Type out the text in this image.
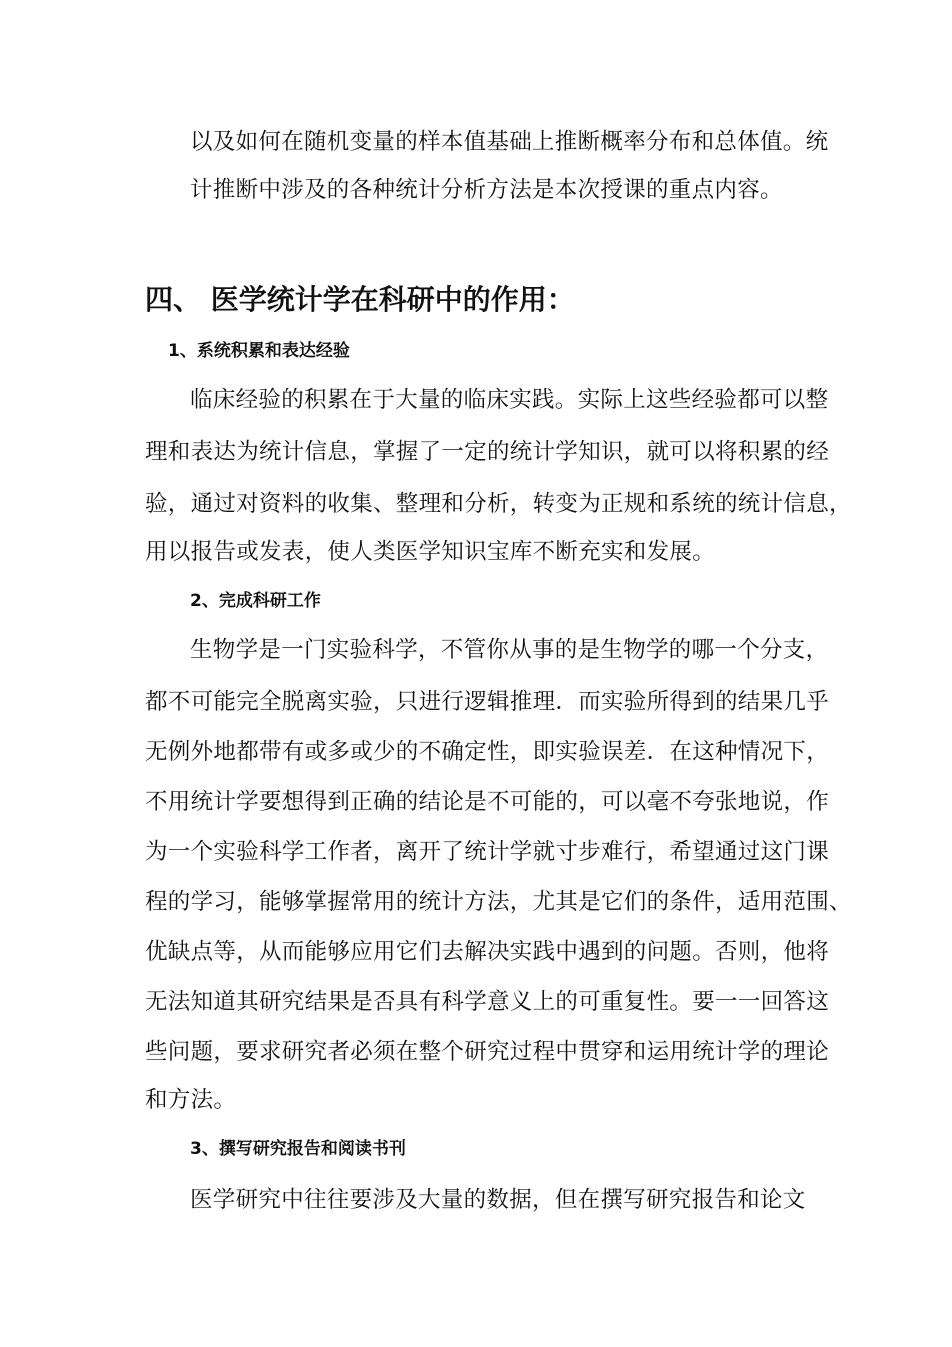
以及如何在随机变量的样本值基础上推断概率分布和总体值。统
计推断中涉及的各种统计分析方法是本次授课的重点内容。
四、 医学统计学在科研中的作用：
1、系统积累和表达经验
临床经验的积累在于大量的临床实践。实际上这些经验都可以整
理和表达为统计信息，掌握了一定的统计学知识，就可以将积累的经
验，通过对资料的收集、整理和分析，转变为正规和系统的统计信息，
用以报告或发表，使人类医学知识宝库不断充实和发展。
2、完成科研工作
生物学是一门实验科学，不管你从事的是生物学的哪一个分支，
都不可能完全脱离实验，只进行逻辑推理．而实验所得到的结果几乎
无例外地都带有或多或少的不确定性，即实验误差．在这种情况下，
不用统计学要想得到正确的结论是不可能的，可以毫不夸张地说，作
为一个实验科学工作者，离开了统计学就寸步难行，希望通过这门课
程的学习，能够掌握常用的统计方法，尤其是它们的条件，适用范围、
优缺点等，从而能够应用它们去解决实践中遇到的问题。否则，他将
无法知道其研究结果是否具有科学意义上的可重复性。要一一回答这
些问题，要求研究者必须在整个研究过程中贯穿和运用统计学的理论
和方法。
3、撰写研究报告和阅读书刊
医学研究中往往要涉及大量的数据，但在撰写研究报告和论文
